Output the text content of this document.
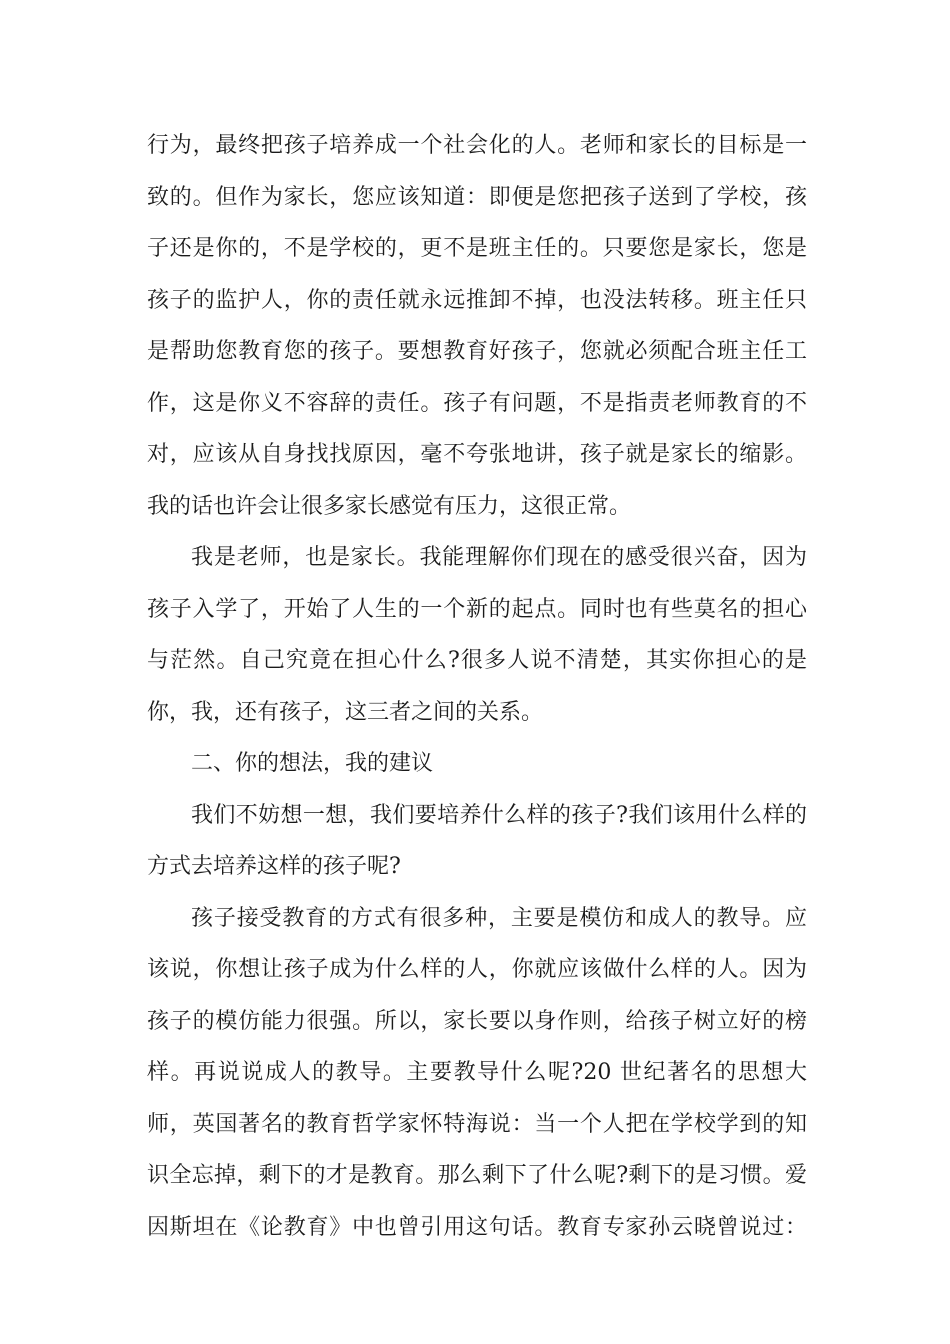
行为，最终把孩子培养成一个社会化的人。老师和家长的目标是一
致的。但作为家长，您应该知道：即便是您把孩子送到了学校，孩
子还是你的，不是学校的，更不是班主任的。只要您是家长，您是
孩子的监护人，你的责任就永远推卸不掉，也没法转移。班主任只
是帮助您教育您的孩子。要想教育好孩子，您就必须配合班主任工
作，这是你义不容辞的责任。孩子有问题，不是指责老师教育的不
对，应该从自身找找原因，毫不夸张地讲，孩子就是家长的缩影。
我的话也许会让很多家长感觉有压力，这很正常。
我是老师，也是家长。我能理解你们现在的感受很兴奋，因为
孩子入学了，开始了人生的一个新的起点。同时也有些莫名的担心
与茫然。自己究竟在担心什么?很多人说不清楚，其实你担心的是
你，我，还有孩子，这三者之间的关系。
二、你的想法，我的建议
我们不妨想一想，我们要培养什么样的孩子?我们该用什么样的
方式去培养这样的孩子呢?
孩子接受教育的方式有很多种，主要是模仿和成人的教导。应
该说，你想让孩子成为什么样的人，你就应该做什么样的人。因为
孩子的模仿能力很强。所以，家长要以身作则，给孩子树立好的榜
样。再说说成人的教导。主要教导什么呢?20 世纪著名的思想大
师，英国著名的教育哲学家怀特海说：当一个人把在学校学到的知
识全忘掉，剩下的才是教育。那么剩下了什么呢?剩下的是习惯。爱
因斯坦在《论教育》中也曾引用这句话。教育专家孙云晓曾说过：
